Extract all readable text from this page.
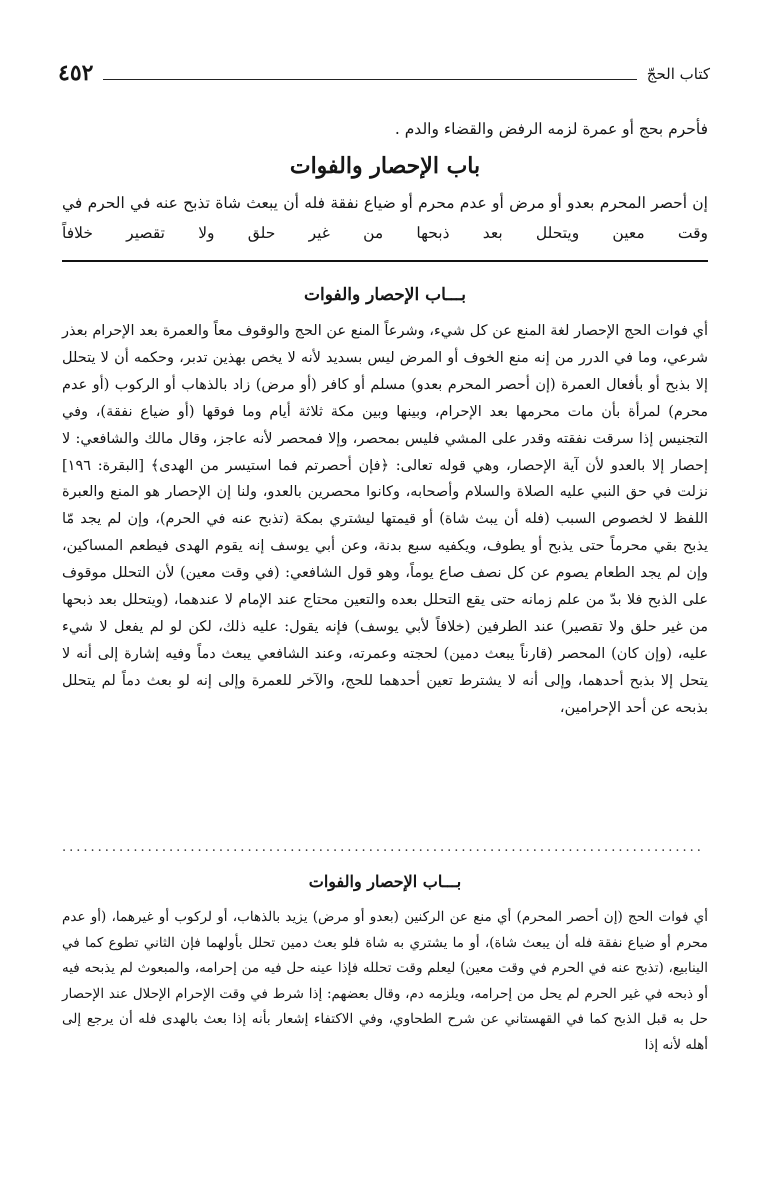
٤٥٢	كتاب الحجّ

فأحرم بحج أو عمرة لزمه الرفض والقضاء والدم .

باب الإحصار والفوات

إن أحصر المحرم بعدو أو مرض أو عدم محرم أو ضياع نفقة فله أن يبعث شاة تذبح عنه في الحرم في وقت معين ويتحلل بعد ذبحها من غير حلق ولا تقصير خلافاً

بـــاب الإحصار والفوات

أي فوات الحج الإحصار لغة المنع عن كل شيء، وشرعاً المنع عن الحج والوقوف معاً والعمرة بعد الإحرام بعذر شرعي، وما في الدرر من إنه منع الخوف أو المرض ليس بسديد لأنه لا يخص بهذين تدبر، وحكمه أن لا يتحلل إلا بذبح أو بأفعال العمرة (إن أحصر المحرم بعدو) مسلم أو كافر (أو مرض) زاد بالذهاب أو الركوب (أو عدم محرم) لمرأة بأن مات محرمها بعد الإحرام، وبينها وبين مكة ثلاثة أيام وما فوقها (أو ضياع نفقة)، وفي التجنيس إذا سرقت نفقته وقدر على المشي فليس بمحصر، وإلا فمحصر لأنه عاجز، وقال مالك والشافعي: لا إحصار إلا بالعدو لأن آية الإحصار، وهي قوله تعالى: ﴿فإن أحصرتم فما استيسر من الهدى﴾ [البقرة: ١٩٦] نزلت في حق النبي عليه الصلاة والسلام وأصحابه، وكانوا محصرين بالعدو، ولنا إن الإحصار هو المنع والعبرة اللفظ لا لخصوص السبب (فله أن يبث شاة) أو قيمتها ليشتري بمكة (تذبح عنه في الحرم)، وإن لم يجد مّا يذبح بقي محرماً حتى يذبح أو يطوف، ويكفيه سبع بدنة، وعن أبي يوسف إنه يقوم الهدى فيطعم المساكين، وإن لم يجد الطعام يصوم عن كل نصف صاع يوماً، وهو قول الشافعي: (في وقت معين) لأن التحلل موقوف على الذبح فلا بدّ من علم زمانه حتى يقع التحلل بعده والتعين محتاج عند الإمام لا عندهما، (ويتحلل بعد ذبحها من غير حلق ولا تقصير) عند الطرفين (خلافاً لأبي يوسف) فإنه يقول: عليه ذلك، لكن لو لم يفعل لا شيء عليه، (وإن كان) المحصر (قارناً يبعث دمين) لحجته وعمرته، وعند الشافعي يبعث دماً وفيه إشارة إلى أنه لا يتحل إلا بذبح أحدهما، وإلى أنه لا يشترط تعين أحدهما للحج، والآخر للعمرة وإلى إنه لو بعث دماً لم يتحلل بذبحه عن أحد الإحرامين،

..........................................................................................
بـــاب الإحصار والفوات

أي فوات الحج (إن أحصر المحرم) أي منع عن الركنين (بعدو أو مرض) يزيد بالذهاب، أو لركوب أو غيرهما، (أو عدم محرم أو ضياع نفقة فله أن يبعث شاة)، أو ما يشتري به شاة فلو بعث دمين تحلل بأولهما فإن الثاني تطوع كما في الينابيع، (تذبح عنه في الحرم في وقت معين) ليعلم وقت تحلله فإذا عينه حل فيه من إحرامه، والمبعوث لم يذبحه فيه أو ذبحه في غير الحرم لم يحل من إحرامه، ويلزمه دم، وقال بعضهم: إذا شرط في وقت الإحرام الإحلال عند الإحصار حل به قبل الذبح كما في القهستاني عن شرح الطحاوي، وفي الاكتفاء إشعار بأنه إذا بعث بالهدى فله أن يرجع إلى أهله لأنه إذا
